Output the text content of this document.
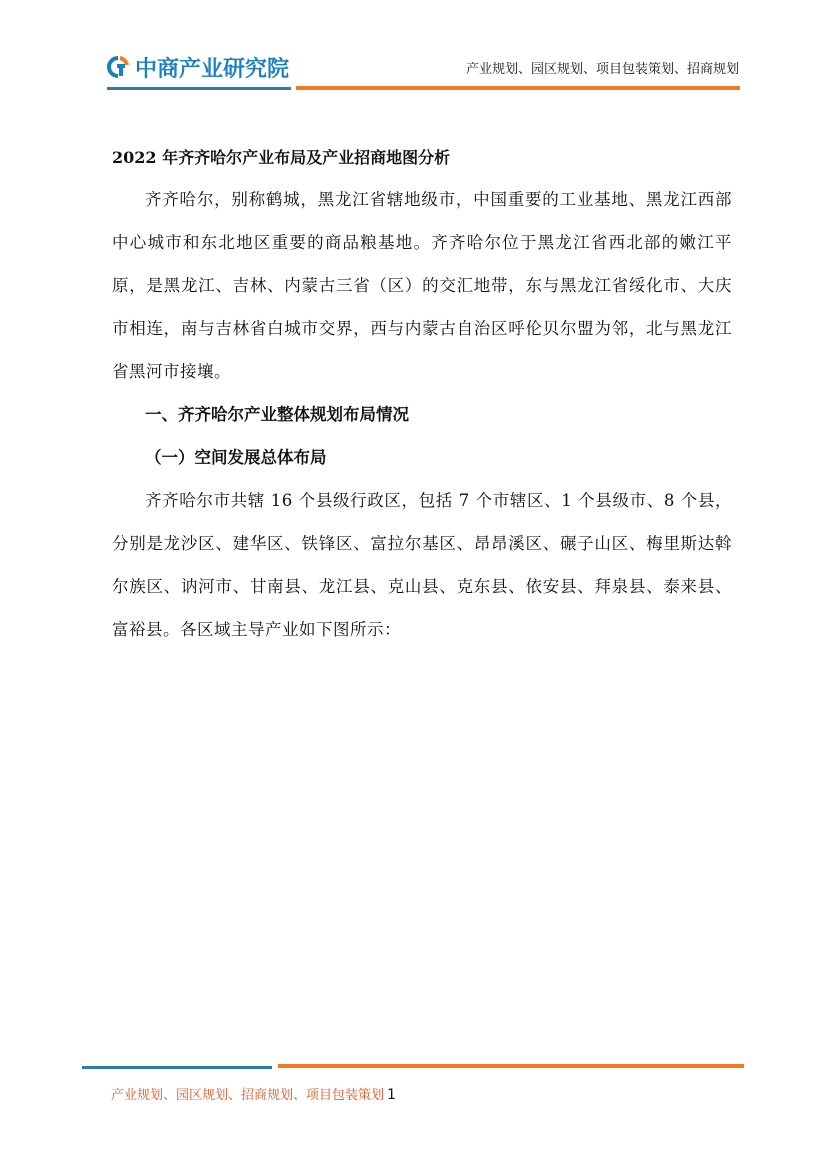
中商产业研究院	产业规划、园区规划、项目包装策划、招商规划

2022 年齐齐哈尔产业布局及产业招商地图分析

齐齐哈尔，别称鹤城，黑龙江省辖地级市，中国重要的工业基地、黑龙江西部中心城市和东北地区重要的商品粮基地。齐齐哈尔位于黑龙江省西北部的嫩江平原，是黑龙江、吉林、内蒙古三省（区）的交汇地带，东与黑龙江省绥化市、大庆市相连，南与吉林省白城市交界，西与内蒙古自治区呼伦贝尔盟为邻，北与黑龙江省黑河市接壤。

一、齐齐哈尔产业整体规划布局情况

（一）空间发展总体布局

齐齐哈尔市共辖 16 个县级行政区，包括 7 个市辖区、1 个县级市、8 个县，分别是龙沙区、建华区、铁锋区、富拉尔基区、昂昂溪区、碾子山区、梅里斯达斡尔族区、讷河市、甘南县、龙江县、克山县、克东县、依安县、拜泉县、泰来县、富裕县。各区域主导产业如下图所示：

产业规划、园区规划、招商规划、项目包装策划 1
